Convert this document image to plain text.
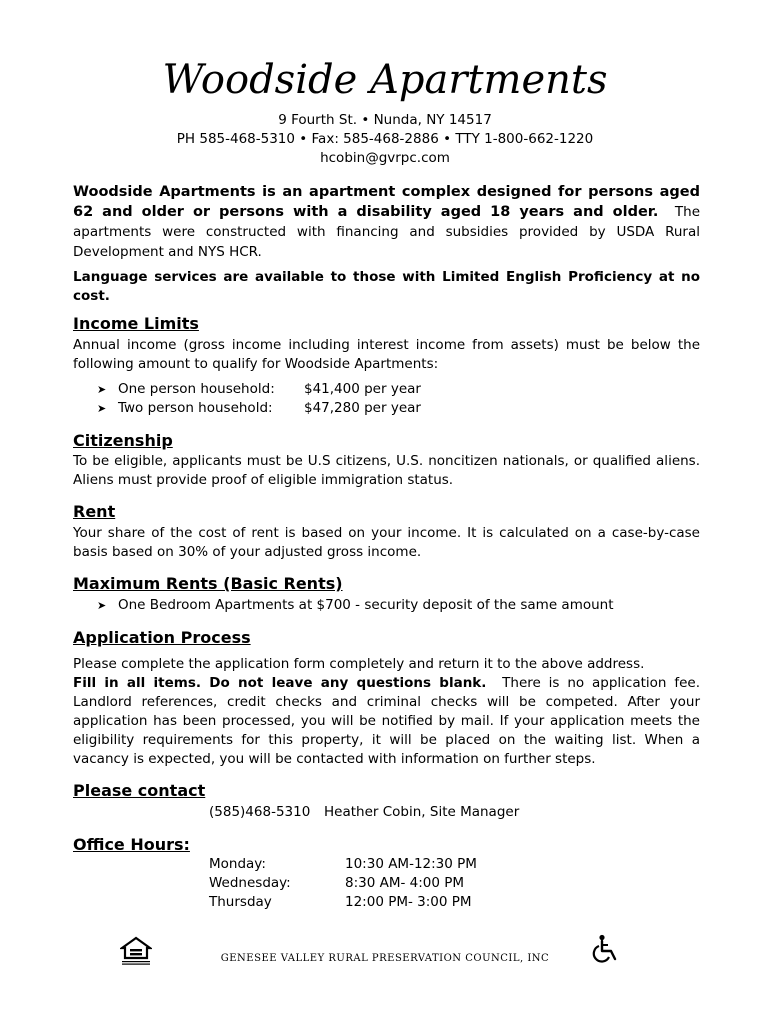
Woodside Apartments
9 Fourth St. • Nunda, NY 14517
PH 585-468-5310 • Fax: 585-468-2886 • TTY 1-800-662-1220
hcobin@gvrpc.com
Woodside Apartments is an apartment complex designed for persons aged 62 and older or persons with a disability aged 18 years and older. The apartments were constructed with financing and subsidies provided by USDA Rural Development and NYS HCR.
Language services are available to those with Limited English Proficiency at no cost.
Income Limits
Annual income (gross income including interest income from assets) must be below the following amount to qualify for Woodside Apartments:
➤ One person household: $41,400 per year
➤ Two person household: $47,280 per year
Citizenship
To be eligible, applicants must be U.S citizens, U.S. noncitizen nationals, or qualified aliens. Aliens must provide proof of eligible immigration status.
Rent
Your share of the cost of rent is based on your income. It is calculated on a case-by-case basis based on 30% of your adjusted gross income.
Maximum Rents (Basic Rents)
➤ One Bedroom Apartments at $700 - security deposit of the same amount
Application Process
Please complete the application form completely and return it to the above address.
Fill in all items. Do not leave any questions blank. There is no application fee. Landlord references, credit checks and criminal checks will be competed. After your application has been processed, you will be notified by mail. If your application meets the eligibility requirements for this property, it will be placed on the waiting list. When a vacancy is expected, you will be contacted with information on further steps.
Please contact
(585)468-5310 Heather Cobin, Site Manager
Office Hours:
Monday:	10:30 AM-12:30 PM
Wednesday:	8:30 AM- 4:00 PM
Thursday	12:00 PM- 3:00 PM
GENESEE VALLEY RURAL PRESERVATION COUNCIL, INC
